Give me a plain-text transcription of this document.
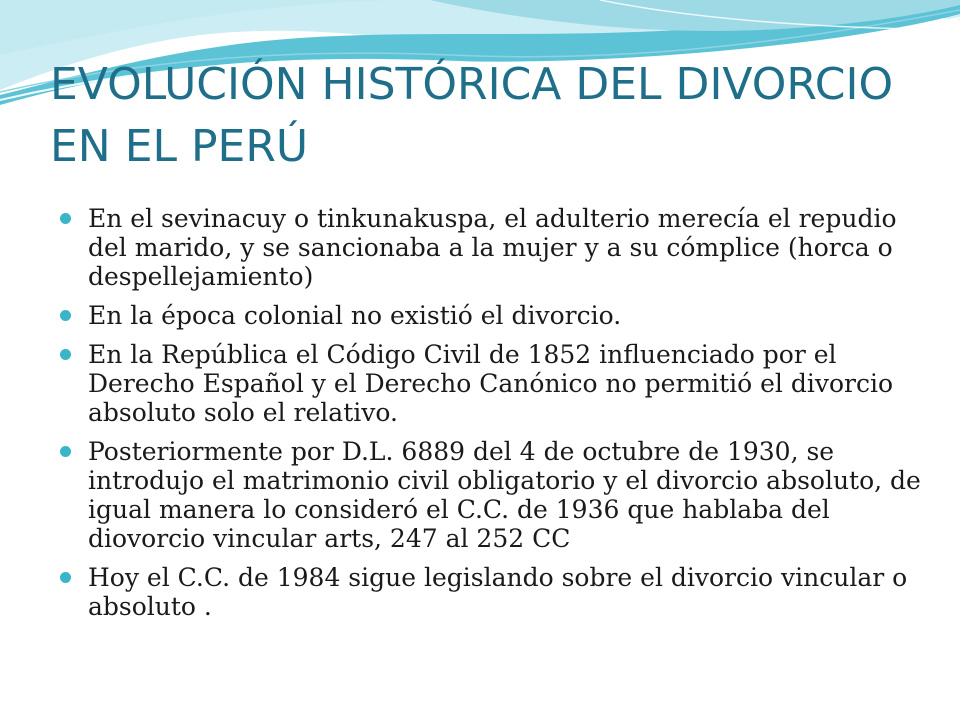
EVOLUCIÓN HISTÓRICA DEL DIVORCIO EN EL PERÚ
En el sevinacuy o tinkunakuspa, el adulterio merecía el repudio del marido, y se sancionaba a la mujer y a su cómplice (horca o despellejamiento)
En la época colonial no existió el divorcio.
En la República el Código Civil de 1852 influenciado por el Derecho Español y el Derecho Canónico no permitió el divorcio absoluto solo el relativo.
Posteriormente por D.L. 6889 del 4 de octubre de 1930, se introdujo el matrimonio civil obligatorio y el divorcio absoluto, de igual manera lo consideró el C.C. de 1936 que hablaba del diovorcio vincular arts, 247 al 252 CC
Hoy el C.C. de 1984 sigue legislando sobre el divorcio vincular o absoluto .
